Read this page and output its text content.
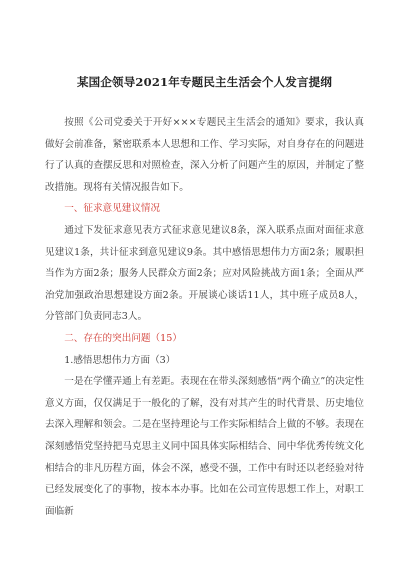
某国企领导2021年专题民主生活会个人发言提纲

按照《公司党委关于开好×××专题民主生活会的通知》要求，我认真做好会前准备，紧密联系本人思想和工作、学习实际，对自身存在的问题进行了认真的查摆反思和对照检查，深入分析了问题产生的原因，并制定了整改措施。现将有关情况报告如下。

一、征求意见建议情况

通过下发征求意见表方式征求意见建议8条，深入联系点面对面征求意见建议1条，共计征求到意见建议9条。其中感悟思想伟力方面2条；履职担当作为方面2条；服务人民群众方面2条；应对风险挑战方面1条；全面从严治党加强政治思想建设方面2条。开展谈心谈话11人，其中班子成员8人，分管部门负责同志3人。

二、存在的突出问题（15）

1.感悟思想伟力方面（3）

一是在学懂弄通上有差距。表现在在带头深刻感悟“两个确立”的决定性意义方面，仅仅满足于一般化的了解，没有对其产生的时代背景、历史地位去深入理解和领会。二是在坚持理论与工作实际相结合上做的不够。表现在深刻感悟党坚持把马克思主义同中国具体实际相结合、同中华优秀传统文化相结合的非凡历程方面，体会不深，感受不强，工作中有时还以老经验对待已经发展变化了的事物，按本本办事。比如在公司宣传思想工作上，对职工面临新
